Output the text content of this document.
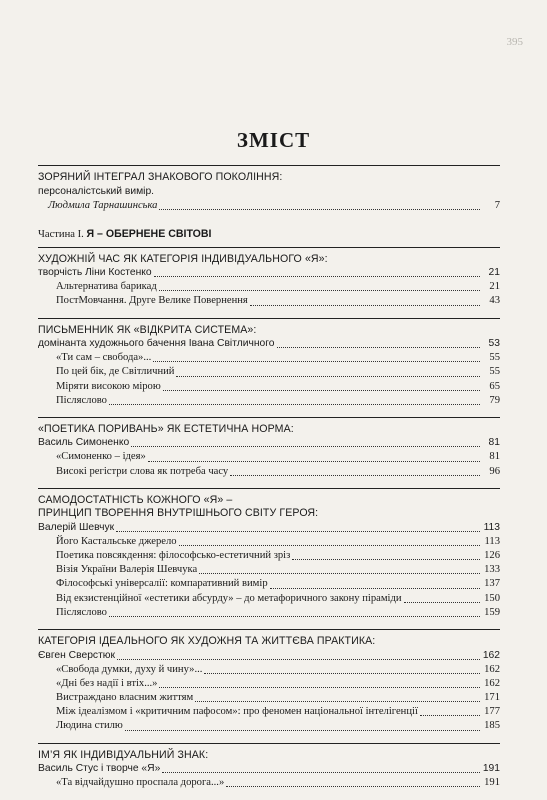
395
ЗМІСТ
ЗОРЯНИЙ ІНТЕГРАЛ ЗНАКОВОГО ПОКОЛІННЯ:
персоналістський вимір.
Людмила Тарнашинська	7
Частина І. Я – ОБЕРНЕНЕ СВІТОВІ
ХУДОЖНІЙ ЧАС ЯК КАТЕГОРІЯ ІНДИВІДУАЛЬНОГО «Я»:
творчість Ліни Костенко	21
Альтернатива барикад	21
ПостМовчання. Друге Велике Повернення	43
ПИСЬМЕННИК ЯК «ВІДКРИТА СИСТЕМА»:
домінанта художнього бачення Івана Світличного	53
«Ти сам – свобода»...	55
По цей бік, де Світличний	55
Міряти високою мірою	65
Післяслово	79
«ПОЕТИКА ПОРИВАНЬ» ЯК ЕСТЕТИЧНА НОРМА:
Василь Симоненко	81
«Симоненко – ідея»	81
Високі регістри слова як потреба часу	96
САМОДОСТАТНІСТЬ КОЖНОГО «Я» –
ПРИНЦИП ТВОРЕННЯ ВНУТРІШНЬОГО СВІТУ ГЕРОЯ:
Валерій Шевчук	113
Його Кастальське джерело	113
Поетика повсякдення: філософсько-естетичний зріз	126
Візія України Валерія Шевчука	133
Філософські універсалії: компаративний вимір	137
Від екзистенційної «естетики абсурду» – до метафоричного закону піраміди	150
Післяслово	159
КАТЕГОРІЯ ІДЕАЛЬНОГО ЯК ХУДОЖНЯ ТА ЖИТТЄВА ПРАКТИКА:
Євген Сверстюк	162
«Свобода думки, духу й чину»...	162
«Дні без надії і втіх...»	162
Вистраждано власним життям	171
Між ідеалізмом і «критичним пафосом»: про феномен національної інтелігенції	177
Людина стилю	185
ІМ’Я ЯК ІНДИВІДУАЛЬНИЙ ЗНАК:
Василь Стус і творче «Я»	191
«Та відчайдушно проспала дорога...»	191
